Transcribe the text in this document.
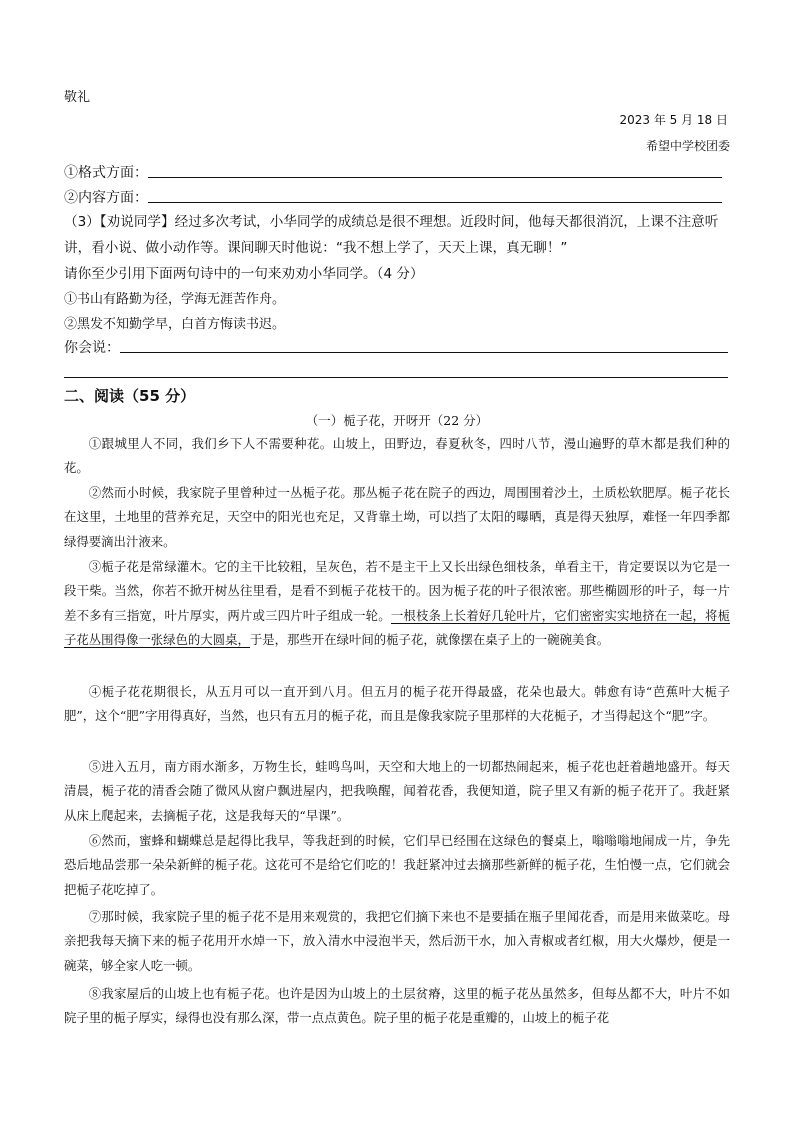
敬礼
2023 年 5 月 18 日
希望中学校团委
①格式方面：
②内容方面：
（3）【劝说同学】经过多次考试，小华同学的成绩总是很不理想。近段时间，他每天都很消沉，上课不注意听
讲，看小说、做小动作等。课间聊天时他说：“我不想上学了，天天上课，真无聊！”
请你至少引用下面两句诗中的一句来劝劝小华同学。（4 分）
①书山有路勤为径，学海无涯苦作舟。
②黑发不知勤学早，白首方悔读书迟。
你会说：
二、阅读（55 分）
（一）栀子花，开呀开（22 分）
①跟城里人不同，我们乡下人不需要种花。山坡上，田野边，春夏秋冬，四时八节，漫山遍野的草木都是我们种的花。
②然而小时候，我家院子里曾种过一丛栀子花。那丛栀子花在院子的西边，周围围着沙土，土质松软肥厚。栀子花长在这里，土地里的营养充足，天空中的阳光也充足，又背靠土坳，可以挡了太阳的曝晒，真是得天独厚，难怪一年四季都绿得要滴出汁液来。
③栀子花是常绿灌木。它的主干比较粗，呈灰色，若不是主干上又长出绿色细枝条，单看主干，肯定要误以为它是一段干柴。当然，你若不掀开树丛往里看，是看不到栀子花枝干的。因为栀子花的叶子很浓密。那些椭圆形的叶子，每一片差不多有三指宽，叶片厚实，两片或三四片叶子组成一轮。一根枝条上长着好几轮叶片，它们密密实实地挤在一起，将栀子花丛围得像一张绿色的大圆桌，于是，那些开在绿叶间的栀子花，就像摆在桌子上的一碗碗美食。
④栀子花花期很长，从五月可以一直开到八月。但五月的栀子花开得最盛，花朵也最大。韩愈有诗“芭蕉叶大栀子肥”，这个“肥”字用得真好，当然，也只有五月的栀子花，而且是像我家院子里那样的大花栀子，才当得起这个“肥”字。
⑤进入五月，南方雨水渐多，万物生长，蛙鸣鸟叫，天空和大地上的一切都热闹起来，栀子花也赶着趟地盛开。每天清晨，栀子花的清香会随了微风从窗户飘进屋内，把我唤醒，闻着花香，我便知道，院子里又有新的栀子花开了。我赶紧从床上爬起来，去摘栀子花，这是我每天的“早课”。
⑥然而，蜜蜂和蝴蝶总是起得比我早，等我赶到的时候，它们早已经围在这绿色的餐桌上，嗡嗡嗡地闹成一片，争先恐后地品尝那一朵朵新鲜的栀子花。这花可不是给它们吃的！我赶紧冲过去摘那些新鲜的栀子花，生怕慢一点，它们就会把栀子花吃掉了。
⑦那时候，我家院子里的栀子花不是用来观赏的，我把它们摘下来也不是要插在瓶子里闻花香，而是用来做菜吃。母亲把我每天摘下来的栀子花用开水焯一下，放入清水中浸泡半天，然后沥干水，加入青椒或者红椒，用大火爆炒，便是一碗菜，够全家人吃一顿。
⑧我家屋后的山坡上也有栀子花。也许是因为山坡上的土层贫瘠，这里的栀子花丛虽然多，但每丛都不大，叶片不如院子里的栀子厚实，绿得也没有那么深，带一点点黄色。院子里的栀子花是重瓣的，山坡上的栀子花
